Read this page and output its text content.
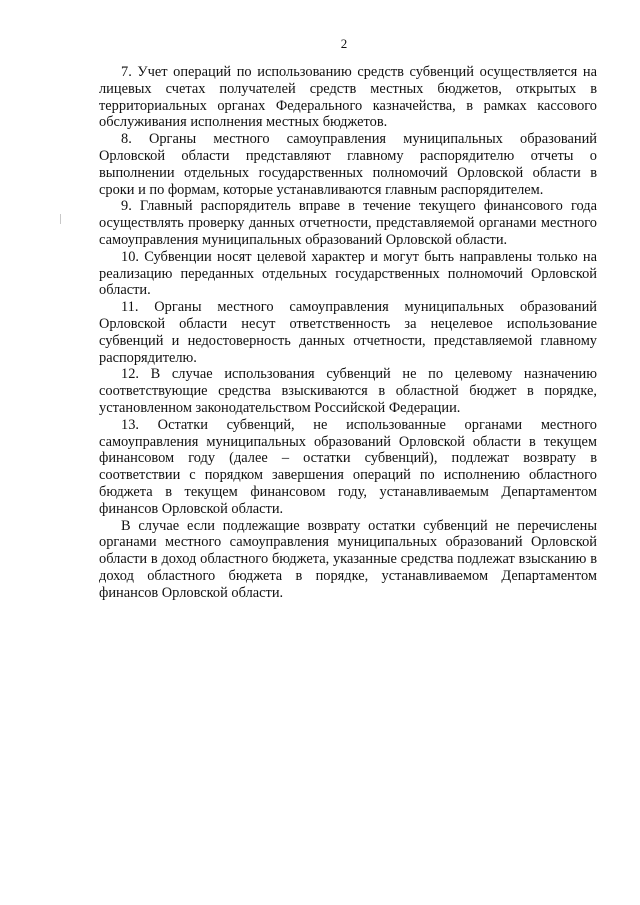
2

7. Учет операций по использованию средств субвенций осуществляется на лицевых счетах получателей средств местных бюджетов, открытых в территориальных органах Федерального казначейства, в рамках кассового обслуживания исполнения местных бюджетов.

8. Органы местного самоуправления муниципальных образований Орловской области представляют главному распорядителю отчеты о выполнении отдельных государственных полномочий Орловской области в сроки и по формам, которые устанавливаются главным распорядителем.

9. Главный распорядитель вправе в течение текущего финансового года осуществлять проверку данных отчетности, представляемой органами местного самоуправления муниципальных образований Орловской области.

10. Субвенции носят целевой характер и могут быть направлены только на реализацию переданных отдельных государственных полномочий Орловской области.

11. Органы местного самоуправления муниципальных образований Орловской области несут ответственность за нецелевое использование субвенций и недостоверность данных отчетности, представляемой главному распорядителю.

12. В случае использования субвенций не по целевому назначению соответствующие средства взыскиваются в областной бюджет в порядке, установленном законодательством Российской Федерации.

13. Остатки субвенций, не использованные органами местного самоуправления муниципальных образований Орловской области в текущем финансовом году (далее – остатки субвенций), подлежат возврату в соответствии с порядком завершения операций по исполнению областного бюджета в текущем финансовом году, устанавливаемым Департаментом финансов Орловской области.

В случае если подлежащие возврату остатки субвенций не перечислены органами местного самоуправления муниципальных образований Орловской области в доход областного бюджета, указанные средства подлежат взысканию в доход областного бюджета в порядке, устанавливаемом Департаментом финансов Орловской области.
